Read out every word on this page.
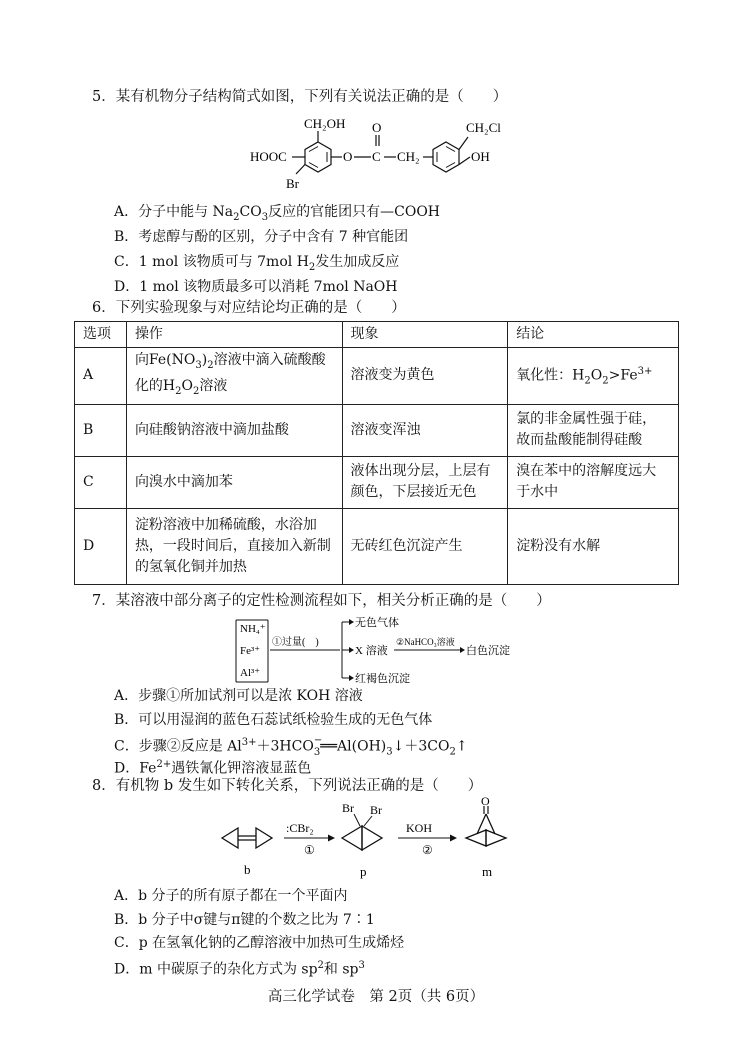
5．某有机物分子结构简式如图，下列有关说法正确的是（　　）
CH₂OH
HOOC
Br
O C
O
CH₂
CH₂Cl
OH
A．分子中能与 $Na_2CO_3$反应的官能团只有—COOH
B．考虑醇与酚的区别，分子中含有 7 种官能团
C．1 mol 该物质可与 7mol $H_2$发生加成反应
D．1 mol 该物质最多可以消耗 7mol NaOH
6．下列实验现象与对应结论均正确的是（　　）
选项	操作	现象	结论
A	向$Fe(NO_3)_2$溶液中滴入硫酸酸化的$H_2O_2$溶液	溶液变为黄色	氧化性：$H_2O_2>Fe^{3+}$
B	向硅酸钠溶液中滴加盐酸	溶液变浑浊	氯的非金属性强于硅，故而盐酸能制得硅酸
C	向溴水中滴加苯	液体出现分层，上层有颜色，下层接近无色	溴在苯中的溶解度远大于水中
D	淀粉溶液中加稀硫酸，水浴加热，一段时间后，直接加入新制的氢氧化铜并加热	无砖红色沉淀产生	淀粉没有水解
7．某溶液中部分离子的定性检测流程如下，相关分析正确的是（　　）
NH₄⁺
Fe³⁺
Al³⁺
①过量(　)
无色气体
X 溶液
②NaHCO₃溶液
白色沉淀
红褐色沉淀
A．步骤①所加试剂可以是浓 KOH 溶液
B．可以用湿润的蓝色石蕊试纸检验生成的无色气体
C．步骤②反应是 $Al^{3+}+3HCO$ −
$_3══Al(OH)_3↓+3CO_2↑$
D．$Fe^{2+}$遇铁氰化钾溶液显蓝色
8．有机物 b 发生如下转化关系，下列说法正确的是（　　）
b
:CBr₂
①
Br Br
p
KOH
②
O
m
A．b 分子的所有原子都在一个平面内
B．b 分子中σ键与π键的个数之比为 7∶1
C．p 在氢氧化钠的乙醇溶液中加热可生成烯烃
D．m 中碳原子的杂化方式为 $sp^2$和 $sp^3$
高三化学试卷　第 2页（共 6页）
